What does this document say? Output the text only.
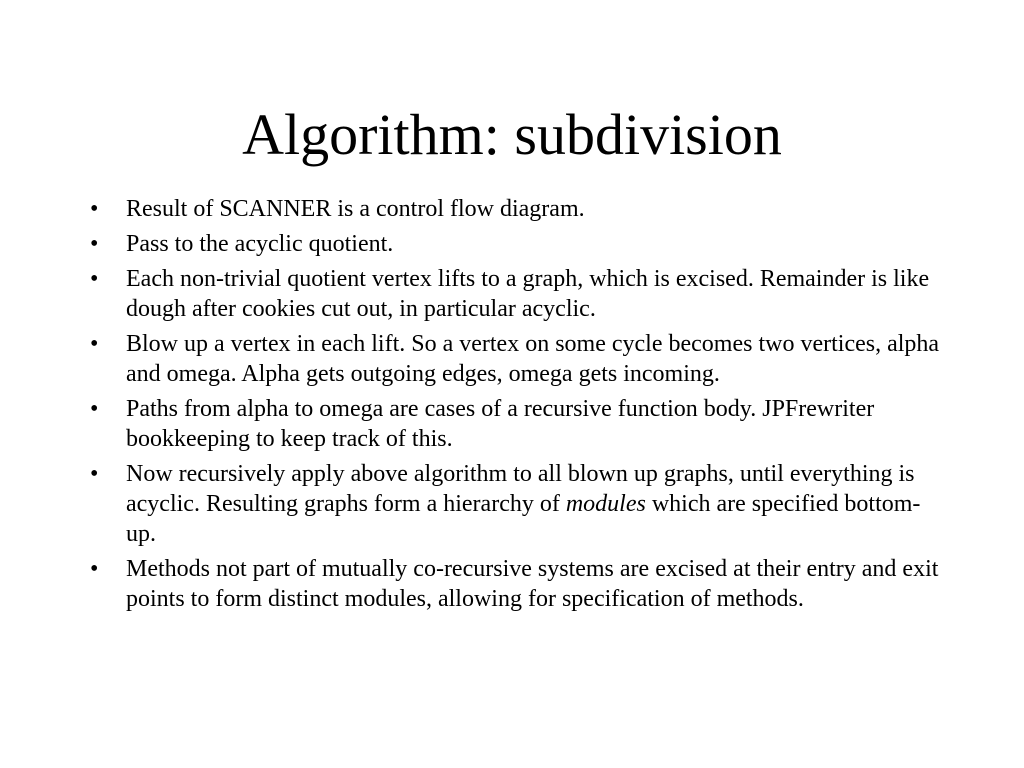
Algorithm: subdivision
•	Result of SCANNER is a control flow diagram.
•	Pass to the acyclic quotient.
•	Each non-trivial quotient vertex lifts to a graph, which is excised. Remainder is like dough after cookies cut out, in particular acyclic.
•	Blow up a vertex in each lift. So a vertex on some cycle becomes two vertices, alpha and omega. Alpha gets outgoing edges, omega gets incoming.
•	Paths from alpha to omega are cases of a recursive function body. JPFrewriter bookkeeping to keep track of this.
•	Now recursively apply above algorithm to all blown up graphs, until everything is acyclic. Resulting graphs form a hierarchy of modules which are specified bottom-up.
•	Methods not part of mutually co-recursive systems are excised at their entry and exit points to form distinct modules, allowing for specification of methods.
